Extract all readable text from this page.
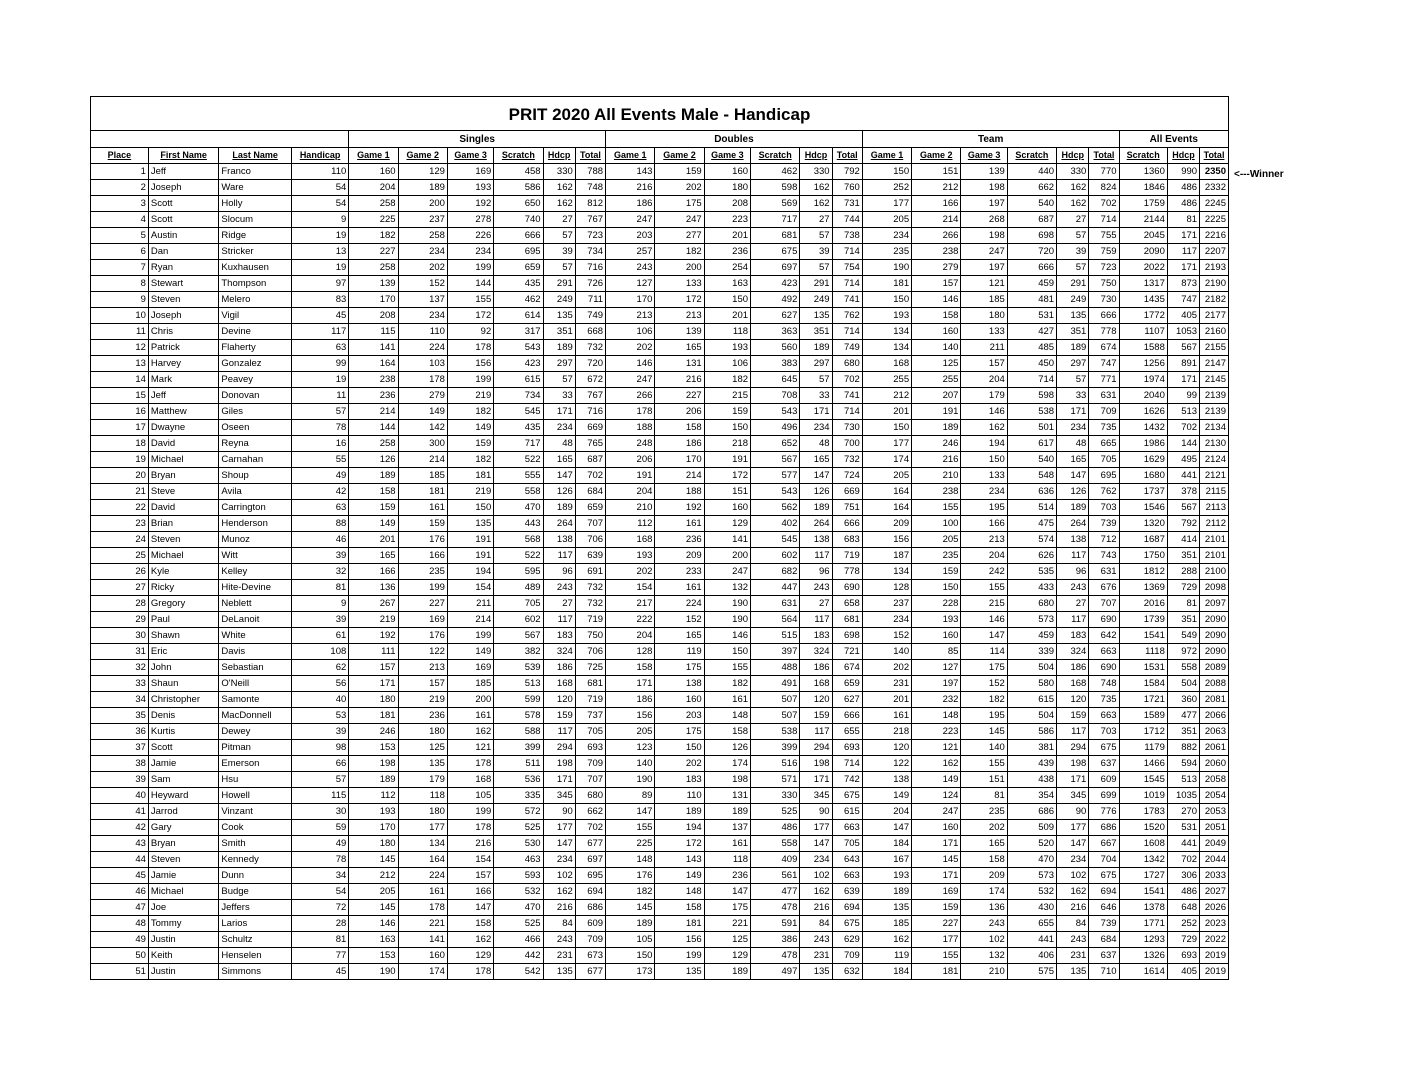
PRIT 2020 All Events Male - Handicap
				Singles						Doubles						Team						All Events		
Place	First Name	Last Name	Handicap	Game 1	Game 2	Game 3	Scratch	Hdcp	Total	Game 1	Game 2	Game 3	Scratch	Hdcp	Total	Game 1	Game 2	Game 3	Scratch	Hdcp	Total	Scratch	Hdcp	Total
1	Jeff	Franco	110	160	129	169	458	330	788	143	159	160	462	330	792	150	151	139	440	330	770	1360	990	2350
2	Joseph	Ware	54	204	189	193	586	162	748	216	202	180	598	162	760	252	212	198	662	162	824	1846	486	2332
3	Scott	Holly	54	258	200	192	650	162	812	186	175	208	569	162	731	177	166	197	540	162	702	1759	486	2245
4	Scott	Slocum	9	225	237	278	740	27	767	247	247	223	717	27	744	205	214	268	687	27	714	2144	81	2225
5	Austin	Ridge	19	182	258	226	666	57	723	203	277	201	681	57	738	234	266	198	698	57	755	2045	171	2216
6	Dan	Stricker	13	227	234	234	695	39	734	257	182	236	675	39	714	235	238	247	720	39	759	2090	117	2207
7	Ryan	Kuxhausen	19	258	202	199	659	57	716	243	200	254	697	57	754	190	279	197	666	57	723	2022	171	2193
8	Stewart	Thompson	97	139	152	144	435	291	726	127	133	163	423	291	714	181	157	121	459	291	750	1317	873	2190
9	Steven	Melero	83	170	137	155	462	249	711	170	172	150	492	249	741	150	146	185	481	249	730	1435	747	2182
10	Joseph	Vigil	45	208	234	172	614	135	749	213	213	201	627	135	762	193	158	180	531	135	666	1772	405	2177
11	Chris	Devine	117	115	110	92	317	351	668	106	139	118	363	351	714	134	160	133	427	351	778	1107	1053	2160
12	Patrick	Flaherty	63	141	224	178	543	189	732	202	165	193	560	189	749	134	140	211	485	189	674	1588	567	2155
13	Harvey	Gonzalez	99	164	103	156	423	297	720	146	131	106	383	297	680	168	125	157	450	297	747	1256	891	2147
14	Mark	Peavey	19	238	178	199	615	57	672	247	216	182	645	57	702	255	255	204	714	57	771	1974	171	2145
15	Jeff	Donovan	11	236	279	219	734	33	767	266	227	215	708	33	741	212	207	179	598	33	631	2040	99	2139
16	Matthew	Giles	57	214	149	182	545	171	716	178	206	159	543	171	714	201	191	146	538	171	709	1626	513	2139
17	Dwayne	Oseen	78	144	142	149	435	234	669	188	158	150	496	234	730	150	189	162	501	234	735	1432	702	2134
18	David	Reyna	16	258	300	159	717	48	765	248	186	218	652	48	700	177	246	194	617	48	665	1986	144	2130
19	Michael	Carnahan	55	126	214	182	522	165	687	206	170	191	567	165	732	174	216	150	540	165	705	1629	495	2124
20	Bryan	Shoup	49	189	185	181	555	147	702	191	214	172	577	147	724	205	210	133	548	147	695	1680	441	2121
21	Steve	Avila	42	158	181	219	558	126	684	204	188	151	543	126	669	164	238	234	636	126	762	1737	378	2115
22	David	Carrington	63	159	161	150	470	189	659	210	192	160	562	189	751	164	155	195	514	189	703	1546	567	2113
23	Brian	Henderson	88	149	159	135	443	264	707	112	161	129	402	264	666	209	100	166	475	264	739	1320	792	2112
24	Steven	Munoz	46	201	176	191	568	138	706	168	236	141	545	138	683	156	205	213	574	138	712	1687	414	2101
25	Michael	Witt	39	165	166	191	522	117	639	193	209	200	602	117	719	187	235	204	626	117	743	1750	351	2101
26	Kyle	Kelley	32	166	235	194	595	96	691	202	233	247	682	96	778	134	159	242	535	96	631	1812	288	2100
27	Ricky	Hite-Devine	81	136	199	154	489	243	732	154	161	132	447	243	690	128	150	155	433	243	676	1369	729	2098
28	Gregory	Neblett	9	267	227	211	705	27	732	217	224	190	631	27	658	237	228	215	680	27	707	2016	81	2097
29	Paul	DeLanoit	39	219	169	214	602	117	719	222	152	190	564	117	681	234	193	146	573	117	690	1739	351	2090
30	Shawn	White	61	192	176	199	567	183	750	204	165	146	515	183	698	152	160	147	459	183	642	1541	549	2090
31	Eric	Davis	108	111	122	149	382	324	706	128	119	150	397	324	721	140	85	114	339	324	663	1118	972	2090
32	John	Sebastian	62	157	213	169	539	186	725	158	175	155	488	186	674	202	127	175	504	186	690	1531	558	2089
33	Shaun	O'Neill	56	171	157	185	513	168	681	171	138	182	491	168	659	231	197	152	580	168	748	1584	504	2088
34	Christopher	Samonte	40	180	219	200	599	120	719	186	160	161	507	120	627	201	232	182	615	120	735	1721	360	2081
35	Denis	MacDonnell	53	181	236	161	578	159	737	156	203	148	507	159	666	161	148	195	504	159	663	1589	477	2066
36	Kurtis	Dewey	39	246	180	162	588	117	705	205	175	158	538	117	655	218	223	145	586	117	703	1712	351	2063
37	Scott	Pitman	98	153	125	121	399	294	693	123	150	126	399	294	693	120	121	140	381	294	675	1179	882	2061
38	Jamie	Emerson	66	198	135	178	511	198	709	140	202	174	516	198	714	122	162	155	439	198	637	1466	594	2060
39	Sam	Hsu	57	189	179	168	536	171	707	190	183	198	571	171	742	138	149	151	438	171	609	1545	513	2058
40	Heyward	Howell	115	112	118	105	335	345	680	89	110	131	330	345	675	149	124	81	354	345	699	1019	1035	2054
41	Jarrod	Vinzant	30	193	180	199	572	90	662	147	189	189	525	90	615	204	247	235	686	90	776	1783	270	2053
42	Gary	Cook	59	170	177	178	525	177	702	155	194	137	486	177	663	147	160	202	509	177	686	1520	531	2051
43	Bryan	Smith	49	180	134	216	530	147	677	225	172	161	558	147	705	184	171	165	520	147	667	1608	441	2049
44	Steven	Kennedy	78	145	164	154	463	234	697	148	143	118	409	234	643	167	145	158	470	234	704	1342	702	2044
45	Jamie	Dunn	34	212	224	157	593	102	695	176	149	236	561	102	663	193	171	209	573	102	675	1727	306	2033
46	Michael	Budge	54	205	161	166	532	162	694	182	148	147	477	162	639	189	169	174	532	162	694	1541	486	2027
47	Joe	Jeffers	72	145	178	147	470	216	686	145	158	175	478	216	694	135	159	136	430	216	646	1378	648	2026
48	Tommy	Larios	28	146	221	158	525	84	609	189	181	221	591	84	675	185	227	243	655	84	739	1771	252	2023
49	Justin	Schultz	81	163	141	162	466	243	709	105	156	125	386	243	629	162	177	102	441	243	684	1293	729	2022
50	Keith	Henselen	77	153	160	129	442	231	673	150	199	129	478	231	709	119	155	132	406	231	637	1326	693	2019
51	Justin	Simmons	45	190	174	178	542	135	677	173	135	189	497	135	632	184	181	210	575	135	710	1614	405	2019
<---Winner
